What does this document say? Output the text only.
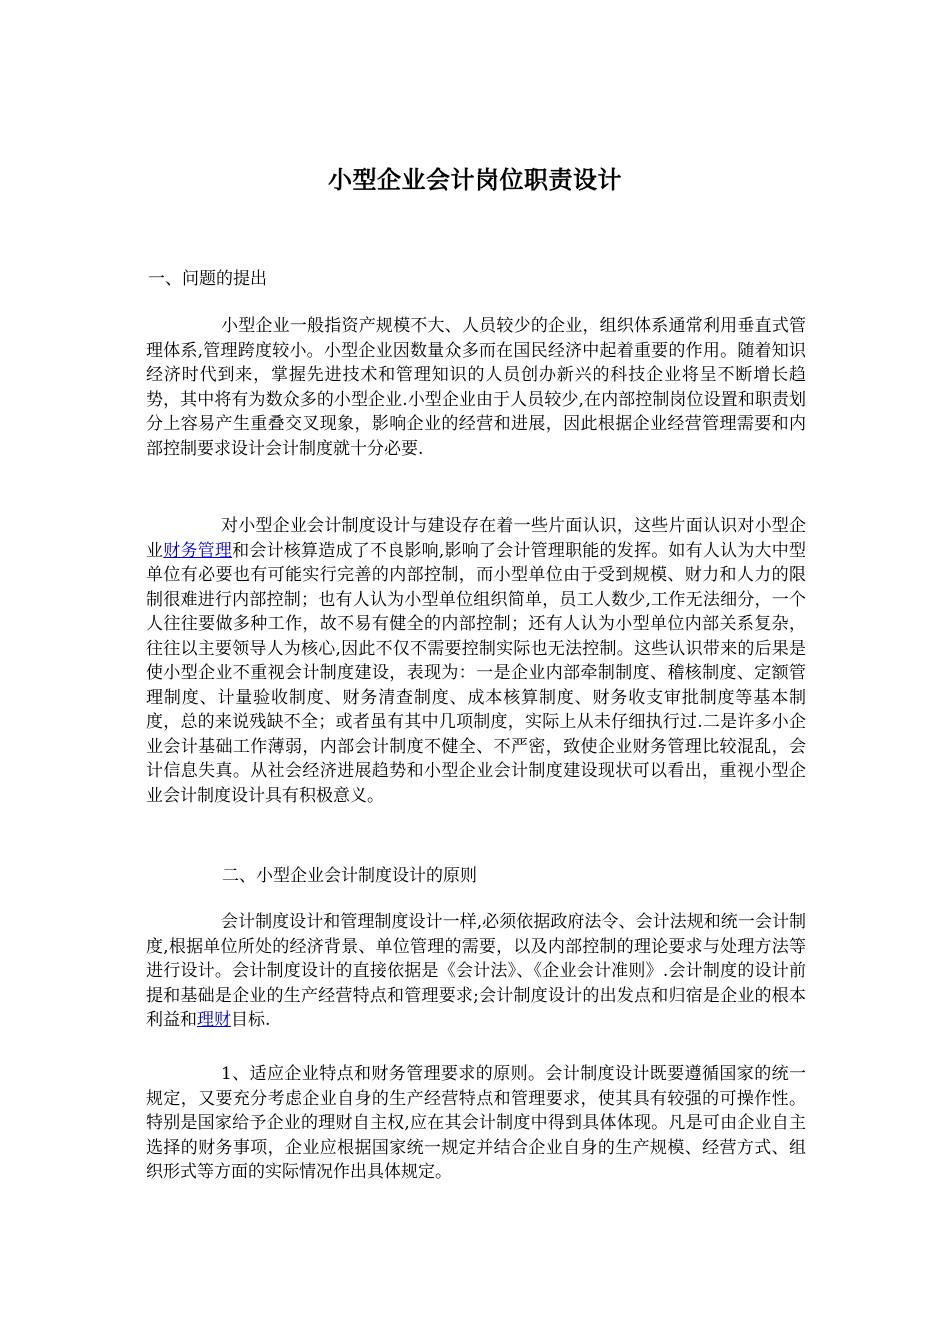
小型企业会计岗位职责设计
一、问题的提出
小型企业一般指资产规模不大、人员较少的企业，组织体系通常利用垂直式管理体系,管理跨度较小。小型企业因数量众多而在国民经济中起着重要的作用。随着知识经济时代到来，掌握先进技术和管理知识的人员创办新兴的科技企业将呈不断增长趋势，其中将有为数众多的小型企业.小型企业由于人员较少,在内部控制岗位设置和职责划分上容易产生重叠交叉现象，影响企业的经营和进展，因此根据企业经营管理需要和内部控制要求设计会计制度就十分必要.
对小型企业会计制度设计与建设存在着一些片面认识，这些片面认识对小型企业财务管理和会计核算造成了不良影响,影响了会计管理职能的发挥。如有人认为大中型单位有必要也有可能实行完善的内部控制，而小型单位由于受到规模、财力和人力的限制很难进行内部控制；也有人认为小型单位组织简单，员工人数少,工作无法细分，一个人往往要做多种工作，故不易有健全的内部控制；还有人认为小型单位内部关系复杂，往往以主要领导人为核心,因此不仅不需要控制实际也无法控制。这些认识带来的后果是使小型企业不重视会计制度建设，表现为：一是企业内部牵制制度、稽核制度、定额管理制度、计量验收制度、财务清查制度、成本核算制度、财务收支审批制度等基本制度，总的来说残缺不全；或者虽有其中几项制度，实际上从未仔细执行过.二是许多小企业会计基础工作薄弱，内部会计制度不健全、不严密，致使企业财务管理比较混乱，会计信息失真。从社会经济进展趋势和小型企业会计制度建设现状可以看出，重视小型企业会计制度设计具有积极意义。
二、小型企业会计制度设计的原则
会计制度设计和管理制度设计一样,必须依据政府法令、会计法规和统一会计制度,根据单位所处的经济背景、单位管理的需要，以及内部控制的理论要求与处理方法等进行设计。会计制度设计的直接依据是《会计法》、《企业会计准则》.会计制度的设计前提和基础是企业的生产经营特点和管理要求;会计制度设计的出发点和归宿是企业的根本利益和理财目标.
1、适应企业特点和财务管理要求的原则。会计制度设计既要遵循国家的统一规定，又要充分考虑企业自身的生产经营特点和管理要求，使其具有较强的可操作性。特别是国家给予企业的理财自主权,应在其会计制度中得到具体体现。凡是可由企业自主选择的财务事项，企业应根据国家统一规定并结合企业自身的生产规模、经营方式、组织形式等方面的实际情况作出具体规定。
